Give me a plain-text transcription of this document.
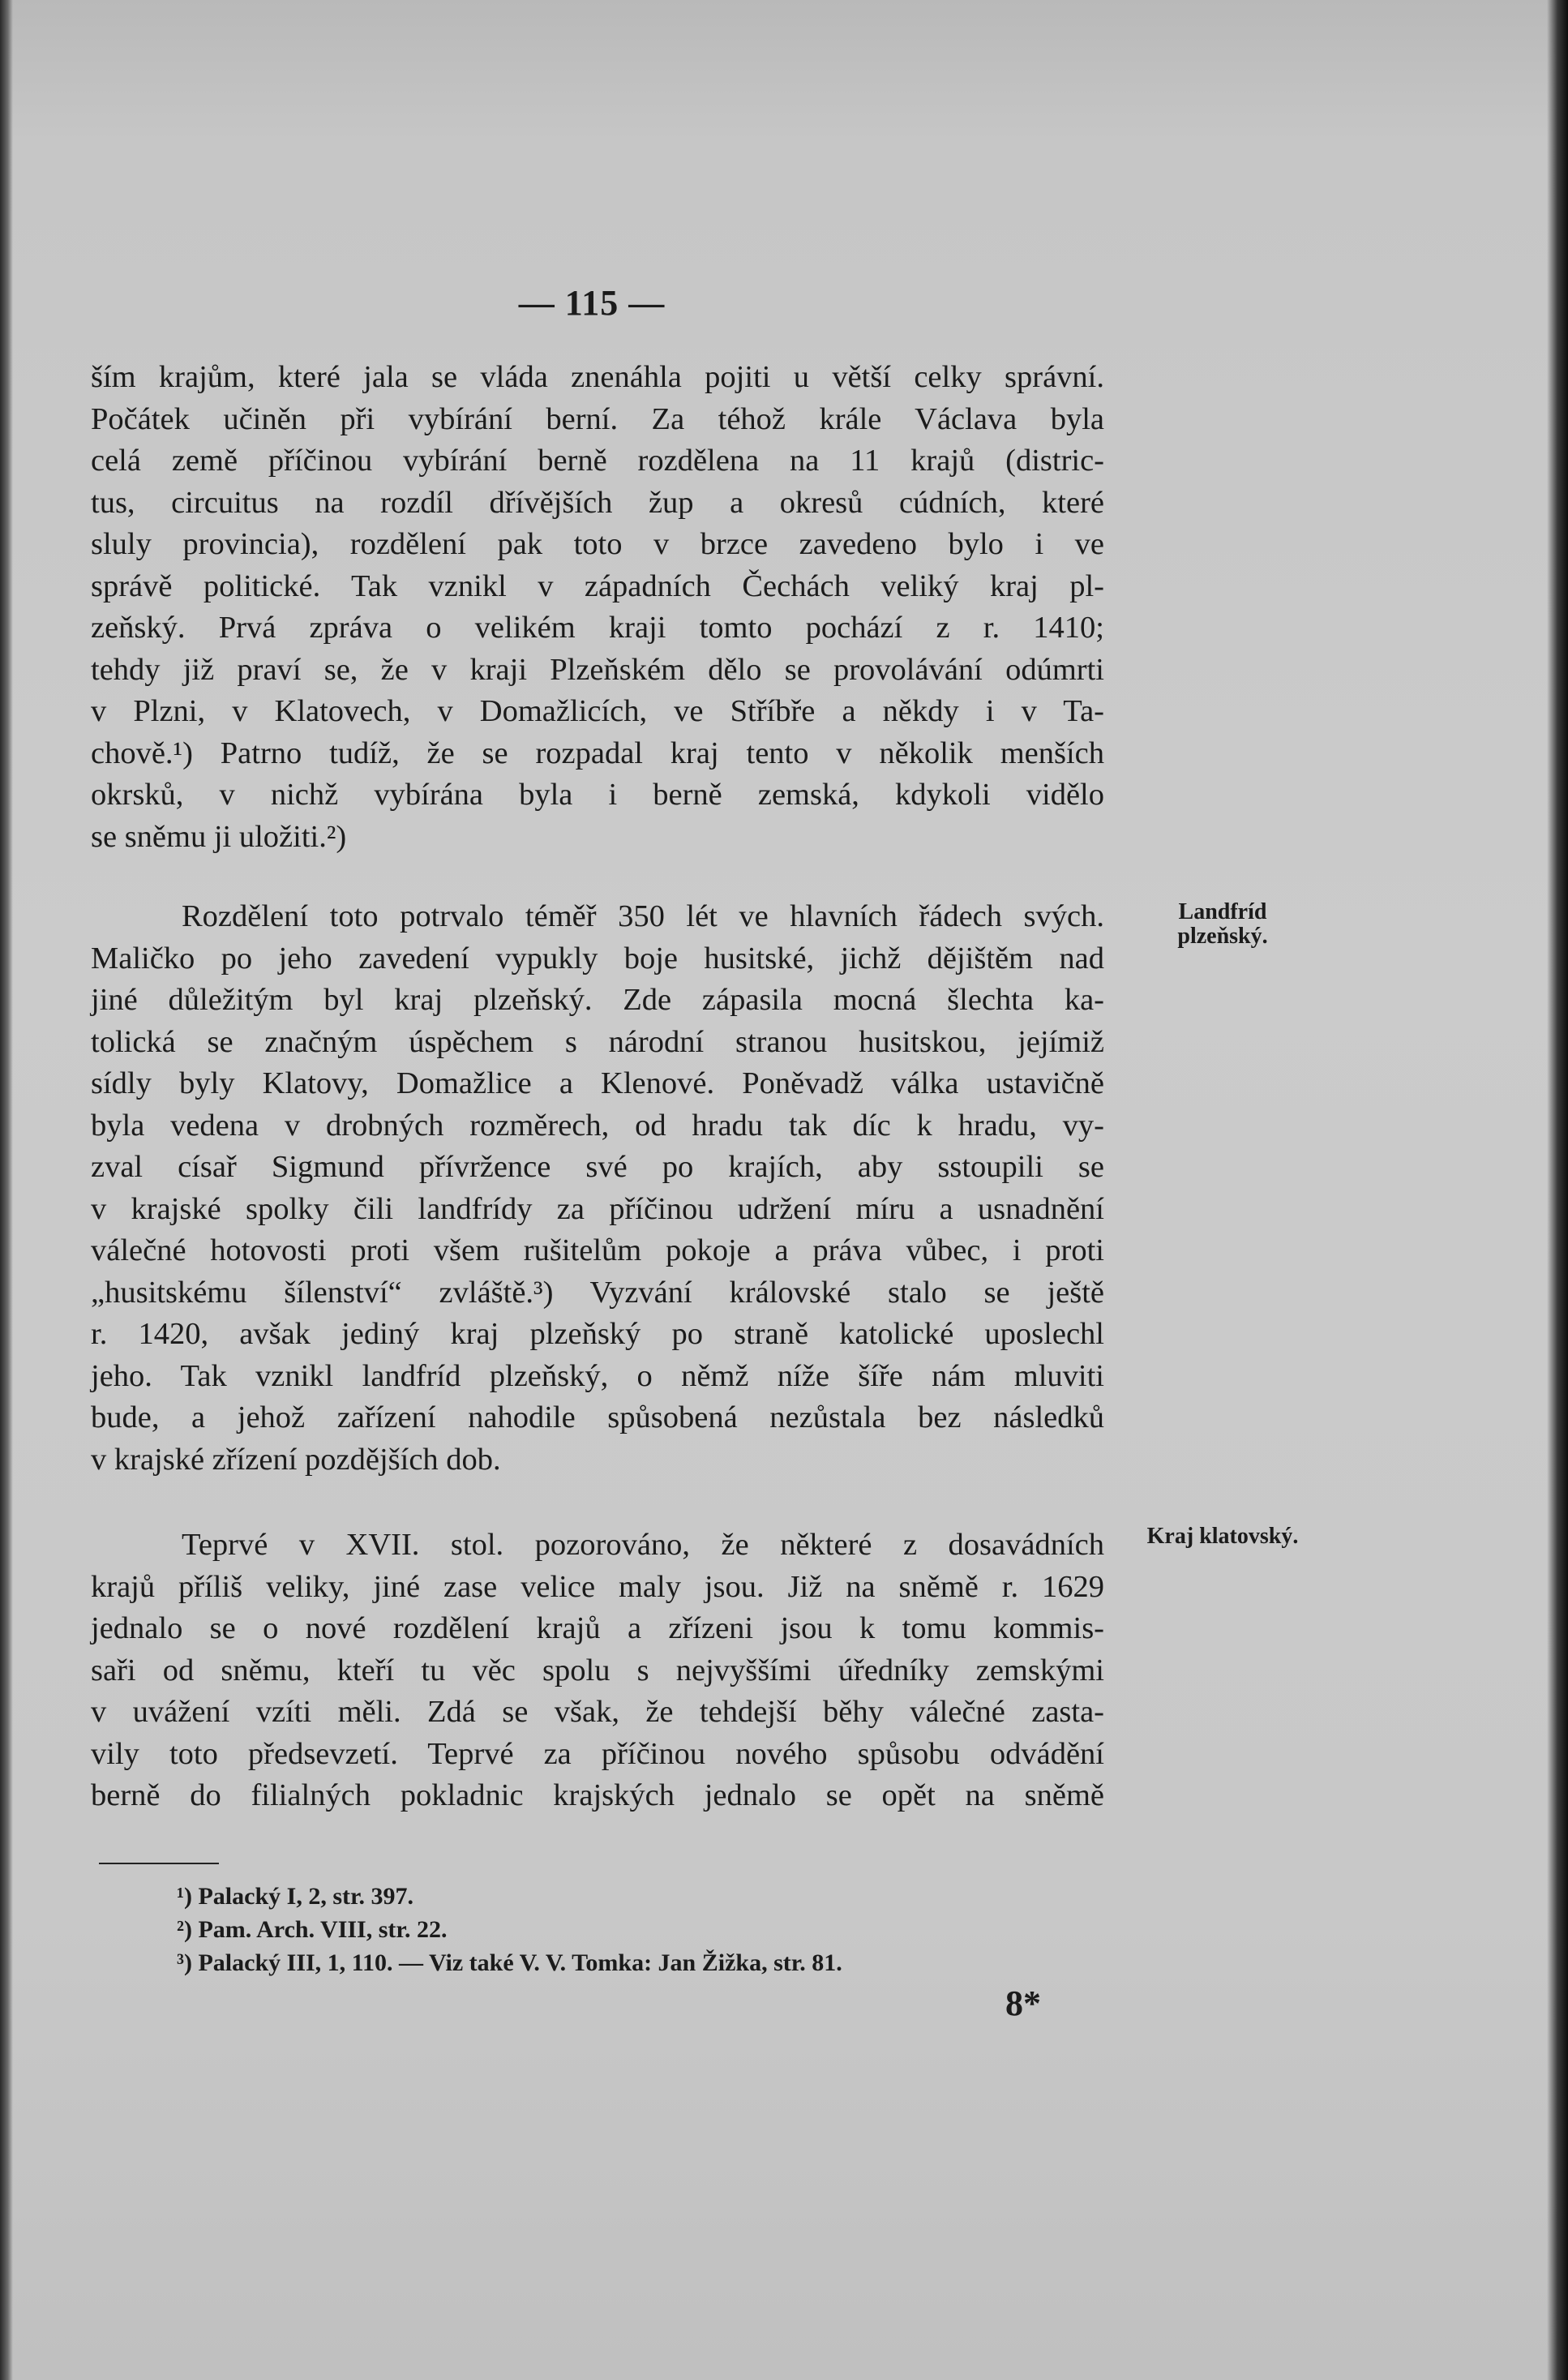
— 115 —
ším krajům, které jala se vláda znenáhla pojiti u větší celky správní.
Počátek učiněn při vybírání berní. Za téhož krále Václava byla
celá země příčinou vybírání berně rozdělena na 11 krajů (distric-
tus, circuitus na rozdíl dřívějších žup a okresů cúdních, které
sluly provincia), rozdělení pak toto v brzce zavedeno bylo i ve
správě politické. Tak vznikl v západních Čechách veliký kraj pl-
zeňský. Prvá zpráva o velikém kraji tomto pochází z r. 1410;
tehdy již praví se, že v kraji Plzeňském dělo se provolávání odúmrti
v Plzni, v Klatovech, v Domažlicích, ve Stříbře a někdy i v Ta-
chově.¹) Patrno tudíž, že se rozpadal kraj tento v několik menších
okrsků, v nichž vybírána byla i berně zemská, kdykoli vidělo
se sněmu ji uložiti.²)
Rozdělení toto potrvalo téměř 350 lét ve hlavních řádech svých.
Maličko po jeho zavedení vypukly boje husitské, jichž dějištěm nad
jiné důležitým byl kraj plzeňský. Zde zápasila mocná šlechta ka-
tolická se značným úspěchem s národní stranou husitskou, jejímiž
sídly byly Klatovy, Domažlice a Klenové. Poněvadž válka ustavičně
byla vedena v drobných rozměrech, od hradu tak díc k hradu, vy-
zval císař Sigmund přívržence své po krajích, aby sstoupili se
v krajské spolky čili landfrídy za příčinou udržení míru a usnadnění
válečné hotovosti proti všem rušitelům pokoje a práva vůbec, i proti
„husitskému šílenství“ zvláště.³) Vyzvání královské stalo se ještě
r. 1420, avšak jediný kraj plzeňský po straně katolické uposlechl
jeho. Tak vznikl landfríd plzeňský, o němž níže šíře nám mluviti
bude, a jehož zařízení nahodile spůsobená nezůstala bez následků
v krajské zřízení pozdějších dob.
Teprvé v XVII. stol. pozorováno, že některé z dosavádních
krajů příliš veliky, jiné zase velice maly jsou. Již na sněmě r. 1629
jednalo se o nové rozdělení krajů a zřízeni jsou k tomu kommis-
saři od sněmu, kteří tu věc spolu s nejvyššími úředníky zemskými
v uvážení vzíti měli. Zdá se však, že tehdejší běhy válečné zasta-
vily toto předsevzetí. Teprvé za příčinou nového spůsobu odvádění
berně do filialných pokladnic krajských jednalo se opět na sněmě
Landfríd plzeňský.
Kraj klatovský.
¹) Palacký I, 2, str. 397.
²) Pam. Arch. VIII, str. 22.
³) Palacký III, 1, 110. — Viz také V. V. Tomka: Jan Žižka, str. 81.
8*
